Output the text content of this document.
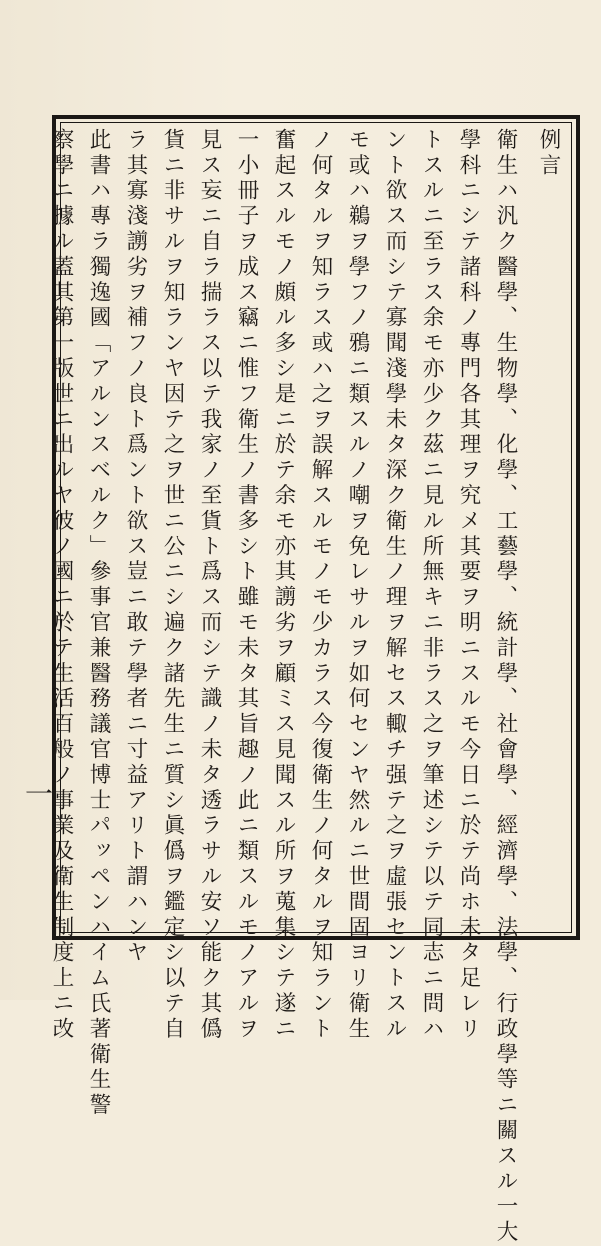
例言
衛生ハ汎ク醫學、生物學、化學、工藝學、統計學、社會學、經濟學、法學、行政學等ニ關スル一大
學科ニシテ諸科ノ專門各其理ヲ究メ其要ヲ明ニスルモ今日ニ於テ尚ホ未タ足レリ
トスルニ至ラス余モ亦少ク茲ニ見ル所無キニ非ラス之ヲ筆述シテ以テ同志ニ問ハ
ント欲ス而シテ寡聞淺學未タ深ク衛生ノ理ヲ解セス輙チ强テ之ヲ虛張セントスル
モ或ハ鵜ヲ學フノ鴉ニ類スルノ嘲ヲ免レサルヲ如何センヤ然ルニ世間固ヨリ衛生
ノ何タルヲ知ラス或ハ之ヲ誤解スルモノモ少カラス今復衛生ノ何タルヲ知ラント
奮起スルモノ頗ル多シ是ニ於テ余モ亦其謭劣ヲ顧ミス見聞スル所ヲ蒐集シテ遂ニ
一小冊子ヲ成ス竊ニ惟フ衛生ノ書多シト雖モ未タ其旨趣ノ此ニ類スルモノアルヲ
見ス妄ニ自ラ揣ラス以テ我家ノ至貨ト爲ス而シテ識ノ未タ透ラサル安ソ能ク其僞
貨ニ非サルヲ知ランヤ因テ之ヲ世ニ公ニシ遍ク諸先生ニ質シ眞僞ヲ鑑定シ以テ自
ラ其寡淺謭劣ヲ補フノ良ト爲ント欲ス豈ニ敢テ學者ニ寸益アリト謂ハンヤ
此書ハ專ラ獨逸國「アルンスベルク」參事官兼醫務議官博士パッペンハイム氏著衛生警
察學ニ據ル蓋其第一版世ニ出ルヤ彼ノ國ニ於テ生活百般ノ事業及衛生制度上ニ改
一
